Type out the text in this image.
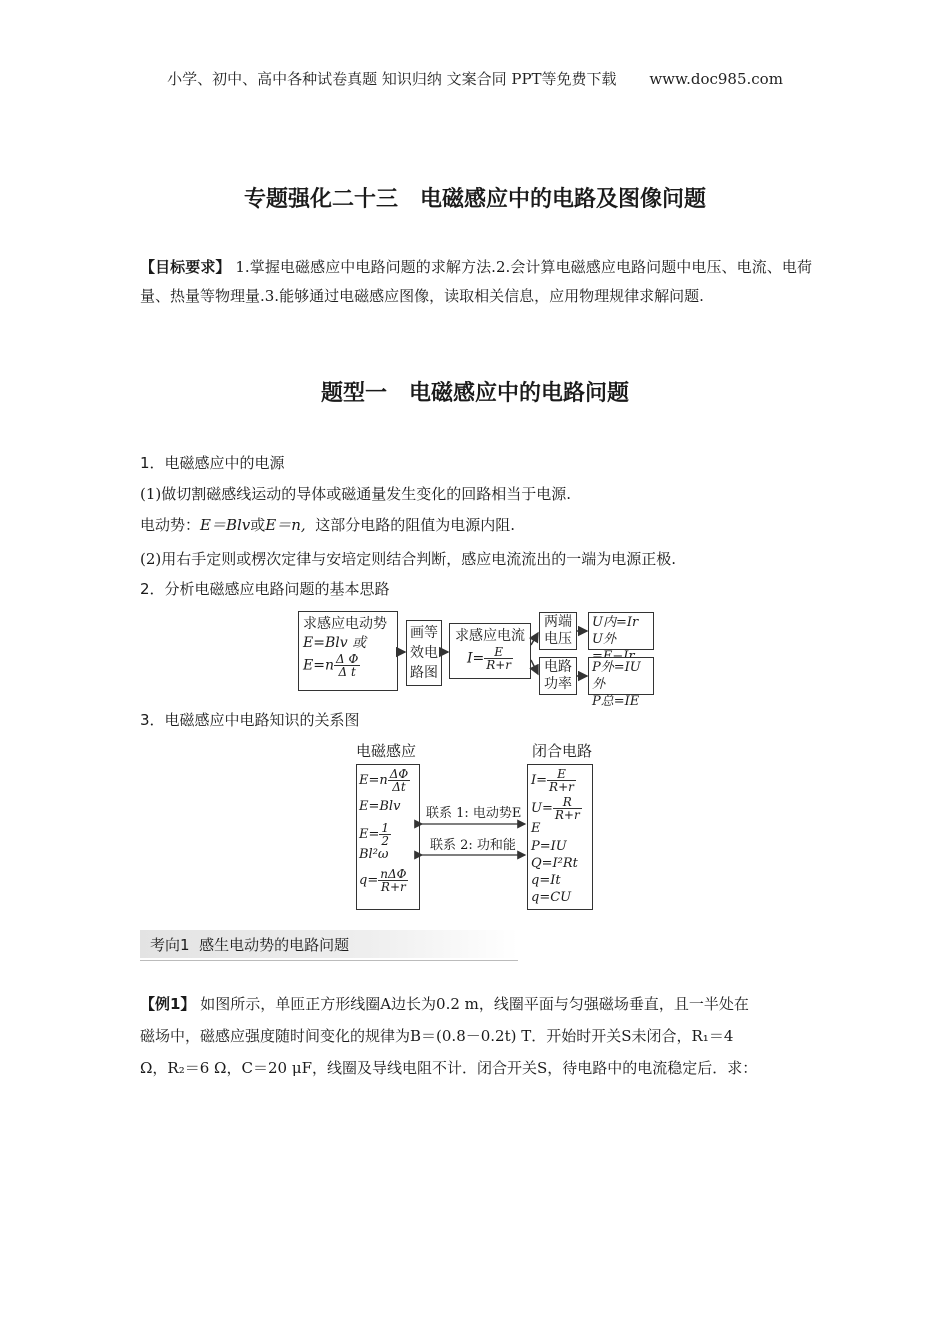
小学、初中、高中各种试卷真题 知识归纳 文案合同 PPT等免费下载 www.doc985.com
专题强化二十三　电磁感应中的电路及图像问题
【目标要求】 1.掌握电磁感应中电路问题的求解方法.2.会计算电磁感应电路问题中电压、电流、电荷量、热量等物理量.3.能够通过电磁感应图像，读取相关信息，应用物理规律求解问题.
题型一　电磁感应中的电路问题
1．电磁感应中的电源
(1)做切割磁感线运动的导体或磁通量发生变化的回路相当于电源.
电动势：E＝Blv或E＝n, 这部分电路的阻值为电源内阻.
(2)用右手定则或楞次定律与安培定则结合判断，感应电流流出的一端为电源正极.
2．分析电磁感应电路问题的基本思路
求感应电动势
E=Blv 或
$E=n \frac{\text{Δ Φ}}{\text{Δ t}}$
画等
效电
路图
求感应电流
$I= \frac{E}{R+r}$
两端
电压
电路
功率
U内=Ir
U外
P外=IU外
P总=IE
3．电磁感应中电路知识的关系图
电磁感应	闭合电路
$E=n \frac{\Delta\Phi}{\Delta t}$
E=Blv
$E= \frac{1}{2}$
Bl²ω
$q= \frac{\text{nΔΦ}}{R+r}$
$I= \frac{E}{R+r}$
$U= \frac{R}{R+r}$
E
P=IU
Q=I²Rt
q=It
q=CU
联系 1: 电动势E
联系 2: 功和能
考向1 感生电动势的电路问题
【例1】 如图所示，单匝正方形线圈A边长为0.2 m，线圈平面与匀强磁场垂直，且一半处在
磁场中，磁感应强度随时间变化的规律为B＝(0.8－0.2t) T．开始时开关S未闭合，R₁＝4
Ω，R₂＝6 Ω，C＝20 μF，线圈及导线电阻不计．闭合开关S，待电路中的电流稳定后．求：
